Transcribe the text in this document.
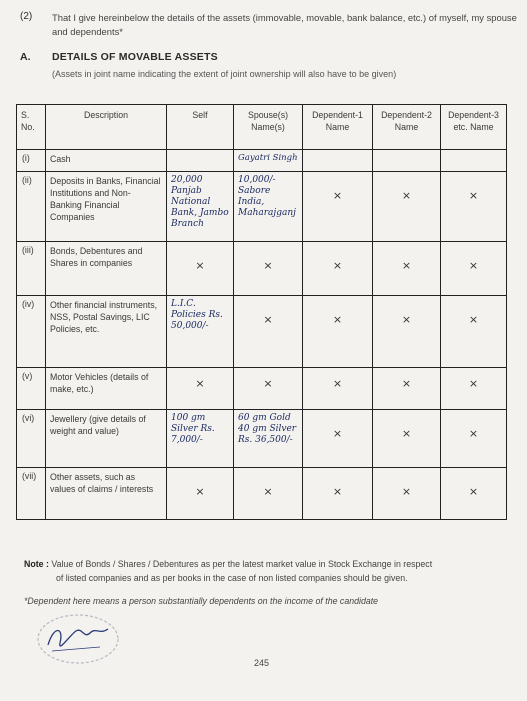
(2) That I give hereinbelow the details of the assets (immovable, movable, bank balance, etc.) of myself, my spouse and dependents*
A. DETAILS OF MOVABLE ASSETS
(Assets in joint name indicating the extent of joint ownership will also have to be given)
S. No.	Description	Self	Spouse(s) Name(s)	Dependent-1 Name	Dependent-2 Name	Dependent-3 etc. Name
(i)	Cash		Gayatri Singh			
(ii)	Deposits in Banks, Financial Institutions and Non-Banking Financial Companies	20,000 Panjab National Bank, Jambo Branch	10,000/- Sabore India, Maharajganj	×	×	×

(iii)	Bonds, Debentures and Shares in companies	×	×	×	×	×

(iv)	Other financial instruments, NSS, Postal Savings, LIC Policies, etc.	L.I.C. Policies Rs. 50,000/-	×	×	×	×

(v)	Motor Vehicles (details of make, etc.)	×	×	×	×	×

(vi)	Jewellery (give details of weight and value)	100 gm Silver Rs. 7,000/-	60 gm Gold 40 gm Silver Rs. 36,500/-	×	×	×

(vii)	Other assets, such as values of claims / interests	×	×	×	×	×
Note : Value of Bonds / Shares / Debentures as per the latest market value in Stock Exchange in respect
of listed companies and as per books in the case of non listed companies should be given.
*Dependent here means a person substantially dependents on the income of the candidate
245
